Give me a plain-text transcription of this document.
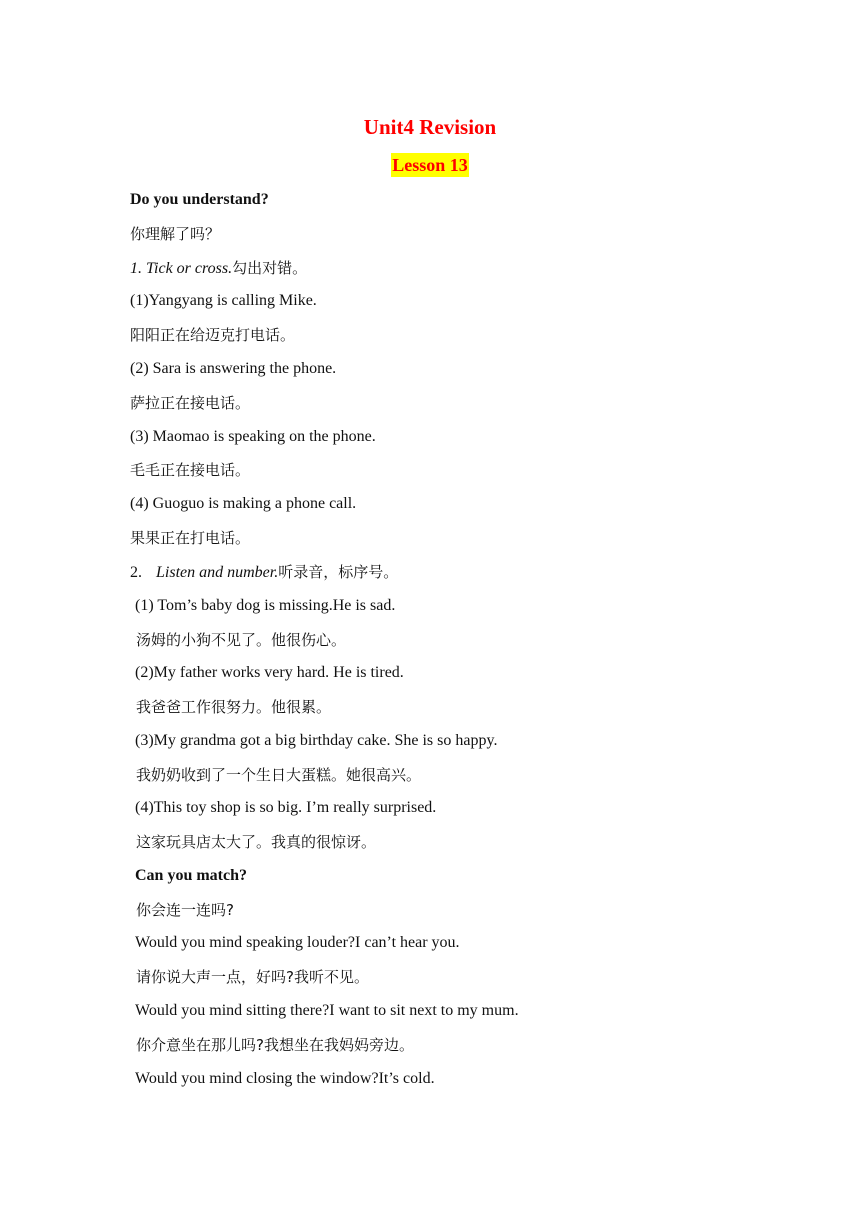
Unit4 Revision
Lesson 13
Do you understand?
你理解了吗？
1. Tick or cross.勾出对错。
(1)Yangyang is calling Mike.
阳阳正在给迈克打电话。
(2) Sara is answering the phone.
萨拉正在接电话。
(3) Maomao is speaking on the phone.
毛毛正在接电话。
(4) Guoguo is making a phone call.
果果正在打电话。
2. Listen and number.听录音，标序号。
(1) Tom’s baby dog is missing.He is sad.
汤姆的小狗不见了。他很伤心。
(2)My father works very hard. He is tired.
我爸爸工作很努力。他很累。
(3)My grandma got a big birthday cake. She is so happy.
我奶奶收到了一个生日大蛋糕。她很高兴。
(4)This toy shop is so big. I’m really surprised.
这家玩具店太大了。我真的很惊讶。
Can you match?
你会连一连吗?
Would you mind speaking louder?I can’t hear you.
请你说大声一点，好吗?我听不见。
Would you mind sitting there?I want to sit next to my mum.
你介意坐在那儿吗?我想坐在我妈妈旁边。
Would you mind closing the window?It’s cold.
